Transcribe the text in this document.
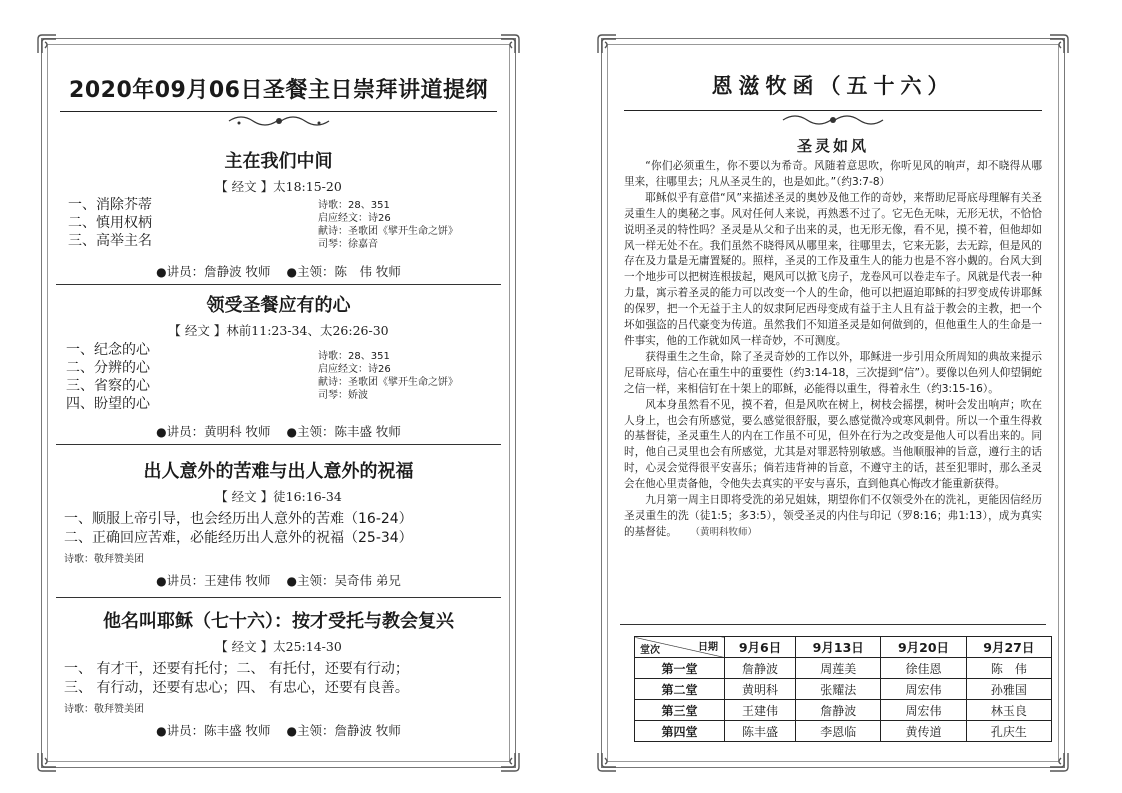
2020年09月06日圣餐主日崇拜讲道提纲
主在我们中间
【 经文 】太18:15-20
一、消除芥蒂
二、慎用权柄
三、高举主名
诗歌：28、351
启应经文：诗26
献诗：圣歌团《擘开生命之饼》
司琴：徐嘉音
●讲员：詹静波 牧师 ●主领：陈　伟 牧师
领受圣餐应有的心
【 经文 】林前11:23-34、太26:26-30
一、纪念的心
二、分辨的心
三、省察的心
四、盼望的心
诗歌：28、351
启应经文：诗26
献诗：圣歌团《擘开生命之饼》
司琴：娇波
●讲员：黄明科 牧师 ●主领：陈丰盛 牧师
出人意外的苦难与出人意外的祝福
【 经文 】徒16:16-34
一、顺服上帝引导，也会经历出人意外的苦难（16-24）
二、正确回应苦难，必能经历出人意外的祝福（25-34）
诗歌：敬拜赞美团
●讲员：王建伟 牧师 ●主领：吴奇伟 弟兄
他名叫耶稣（七十六）：按才受托与教会复兴
【 经文 】太25:14-30
一、 有才干，还要有托付；二、 有托付，还要有行动；
三、 有行动，还要有忠心；四、 有忠心，还要有良善。
诗歌：敬拜赞美团
●讲员：陈丰盛 牧师 ●主领：詹静波 牧师
恩滋牧函（五十六）
圣灵如风

“你们必须重生，你不要以为希奇。风随着意思吹，你听见风的响声，却不晓得从哪里来，往哪里去；凡从圣灵生的，也是如此。”（约3:7-8）

耶稣似乎有意借“风”来描述圣灵的奥妙及他工作的奇妙，来帮助尼哥底母理解有关圣灵重生人的奥秘之事。风对任何人来说，再熟悉不过了。它无色无味，无形无状，不恰恰说明圣灵的特性吗？圣灵是从父和子出来的灵，也无形无像，看不见，摸不着，但他却如风一样无处不在。我们虽然不晓得风从哪里来，往哪里去，它来无影，去无踪，但是风的存在及力量是无庸置疑的。照样，圣灵的工作及重生人的能力也是不容小觑的。台风大到一个地步可以把树连根拔起，飓风可以掀飞房子，龙卷风可以卷走车子。风就是代表一种力量，寓示着圣灵的能力可以改变一个人的生命，他可以把逼迫耶稣的扫罗变成传讲耶稣的保罗，把一个无益于主人的奴隶阿尼西母变成有益于主人且有益于教会的主教，把一个坏如强盗的吕代豪变为传道。虽然我们不知道圣灵是如何做到的，但他重生人的生命是一件事实，他的工作就如风一样奇妙，不可测度。

获得重生之生命，除了圣灵奇妙的工作以外，耶稣进一步引用众所周知的典故来提示尼哥底母，信心在重生中的重要性（约3:14-18，三次提到“信”）。要像以色列人仰望铜蛇之信一样，来相信钉在十架上的耶稣，必能得以重生，得着永生（约3:15-16）。

风本身虽然看不见，摸不着，但是风吹在树上，树枝会摇摆，树叶会发出响声；吹在人身上，也会有所感觉，要么感觉很舒服，要么感觉微冷或寒风刺骨。所以一个重生得救的基督徒，圣灵重生人的内在工作虽不可见，但外在行为之改变是他人可以看出来的。同时，他自己灵里也会有所感觉，尤其是对罪恶特别敏感。当他顺服神的旨意，遵行主的话时，心灵会觉得很平安喜乐；倘若违背神的旨意，不遵守主的话，甚至犯罪时，那么圣灵会在他心里责备他，令他失去真实的平安与喜乐，直到他真心悔改才能重新获得。

九月第一周主日即将受洗的弟兄姐妹，期望你们不仅领受外在的洗礼，更能因信经历圣灵重生的洗（徒1:5；多3:5），领受圣灵的内住与印记（罗8:16；弗1:13），成为真实的基督徒。 （黄明科牧师）

日期
堂次	9月6日	9月13日	9月20日	9月27日
第一堂	詹静波	周莲美	徐佳恩	陈　伟
第二堂	黄明科	张耀法	周宏伟	孙雅国
第三堂	王建伟	詹静波	周宏伟	林玉良
第四堂	陈丰盛	李恩临	黄传道	孔庆生
